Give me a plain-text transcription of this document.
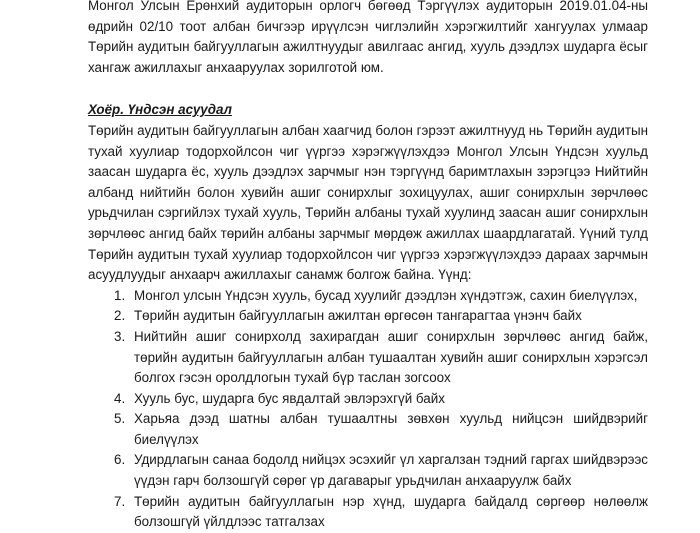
Монгол Улсын Ерөнхий аудиторын орлогч бөгөөд Тэргүүлэх аудиторын 2019.01.04-ны өдрийн 02/10 тоот албан бичгээр ирүүлсэн чиглэлийн хэрэгжилтийг хангуулах улмаар Төрийн аудитын байгууллагын ажилтнуудыг авилгаас ангид, хууль дээдлэх шударга ёсыг хангаж ажиллахыг анхааруулах зорилготой юм.

Хоёр. Үндсэн асуудал

Төрийн аудитын байгууллагын албан хаагчид болон гэрээт ажилтнууд нь Төрийн аудитын тухай хуулиар тодорхойлсон чиг үүргээ хэрэгжүүлэхдээ Монгол Улсын Үндсэн хуульд заасан шударга ёс, хууль дээдлэх зарчмыг нэн тэргүүнд баримтлахын зэрэгцээ Нийтийн албанд нийтийн болон хувийн ашиг сонирхлыг зохицуулах, ашиг сонирхлын зөрчлөөс урьдчилан сэргийлэх тухай хууль, Төрийн албаны тухай хуулинд заасан ашиг сонирхлын зөрчлөөс ангид байх төрийн албаны зарчмыг мөрдөж ажиллах шаардлагатай. Үүний тулд Төрийн аудитын тухай хуулиар тодорхойлсон чиг үүргээ хэрэгжүүлэхдээ дараах зарчмын асуудлуудыг анхаарч ажиллахыг санамж болгож байна. Үүнд:

1. Монгол улсын Үндсэн хууль, бусад хуулийг дээдлэн хүндэтгэж, сахин биелүүлэх,
2. Төрийн аудитын байгууллагын ажилтан өргөсөн тангарагтаа үнэнч байх
3. Нийтийн ашиг сонирхолд захирагдан ашиг сонирхлын зөрчлөөс ангид байж, төрийн аудитын байгууллагын албан тушаалтан хувийн ашиг сонирхлын хэрэгсэл болгох гэсэн оролдлогын тухай бүр таслан зогсоох
4. Хууль бус, шударга бус явдалтай эвлэрэхгүй байх
5. Харьяа дээд шатны албан тушаалтны зөвхөн хуульд нийцсэн шийдвэрийг биелүүлэх
6. Удирдлагын санаа бодолд нийцэх эсэхийг үл харгалзан тэдний гаргах шийдвэрээс үүдэн гарч болзошгүй сөрөг үр дагаварыг урьдчилан анхааруулж байх
7. Төрийн аудитын байгууллагын нэр хүнд, шударга байдалд сөргөөр нөлөөлж болзошгүй үйлдлээс татгалзах
